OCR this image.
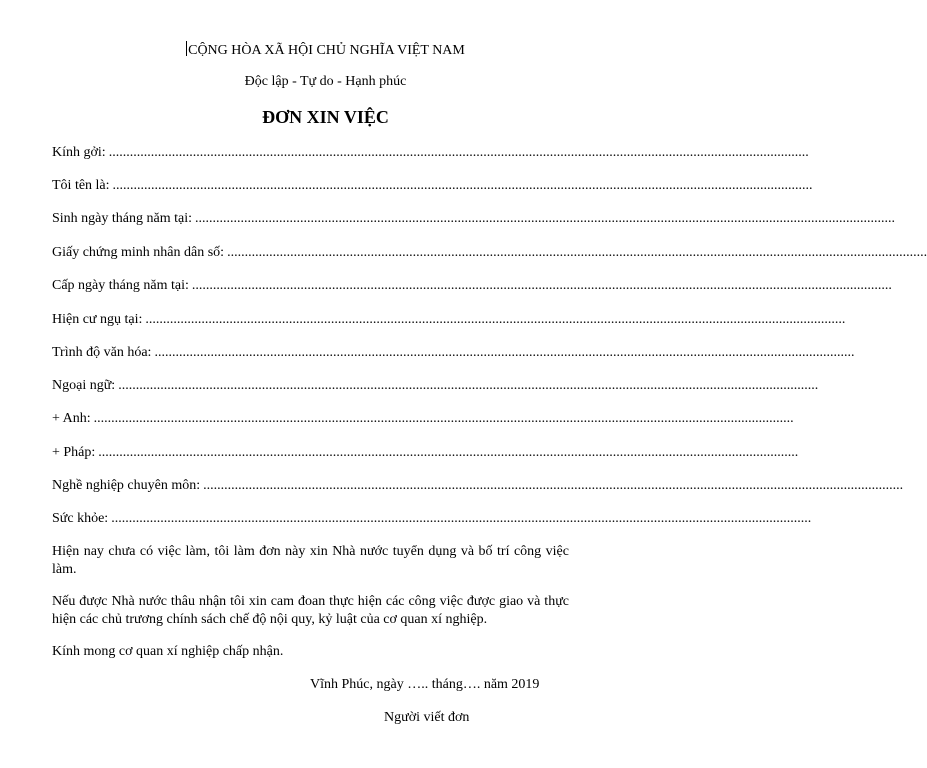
CỘNG HÒA XÃ HỘI CHỦ NGHĨA VIỆT NAM
Độc lập - Tự do - Hạnh phúc
ĐƠN XIN VIỆC
Kính gởi: ........................................................................................................................................................................................................
Tôi tên là: ........................................................................................................................................................................................................
Sinh ngày tháng năm tại: ........................................................................................................................................................................................................
Giấy chứng minh nhân dân số: ........................................................................................................................................................................................................
Cấp ngày tháng năm tại: ........................................................................................................................................................................................................
Hiện cư ngụ tại: ........................................................................................................................................................................................................
Trình độ văn hóa: ........................................................................................................................................................................................................
Ngoại ngữ: ........................................................................................................................................................................................................
+ Anh: ........................................................................................................................................................................................................
+ Pháp: ........................................................................................................................................................................................................
Nghề nghiệp chuyên môn: ........................................................................................................................................................................................................
Sức khỏe: ........................................................................................................................................................................................................
Hiện nay chưa có việc làm, tôi làm đơn này xin Nhà nước tuyển dụng và bố trí công việc làm.
Nếu được Nhà nước thâu nhận tôi xin cam đoan thực hiện các công việc được giao và thực hiện các chủ trương chính sách chế độ nội quy, kỷ luật của cơ quan xí nghiệp.
Kính mong cơ quan xí nghiệp chấp nhận.
Vĩnh Phúc, ngày ….. tháng…. năm 2019
Người viết đơn
